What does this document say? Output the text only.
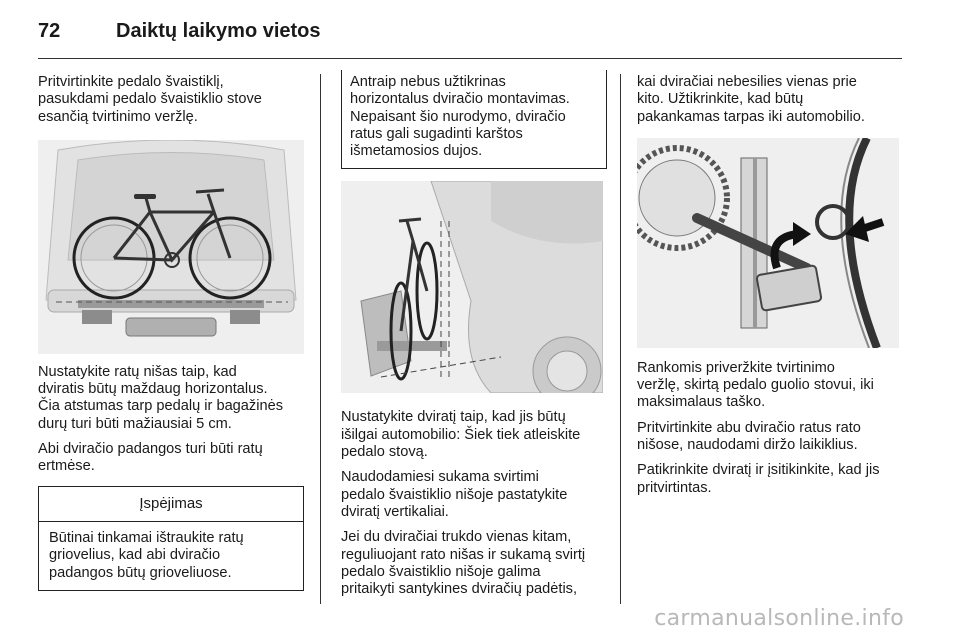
72	Daiktų laikymo vietos

Pritvirtinkite pedalo švaistiklį,
pasukdami pedalo švaistiklio stove
esančią tvirtinimo veržlę.

Nustatykite ratų nišas taip, kad
dviratis būtų maždaug horizontalus.
Čia atstumas tarp pedalų ir bagažinės
durų turi būti mažiausiai 5 cm.

Abi dviračio padangos turi būti ratų
ertmėse.

Įspėjimas
Būtinai tinkamai ištraukite ratų
griovelius, kad abi dviračio
padangos būtų grioveliuose.
Antraip nebus užtikrinas
horizontalus dviračio montavimas.
Nepaisant šio nurodymo, dviračio
ratus gali sugadinti karštos
išmetamosios dujos.

Nustatykite dviratį taip, kad jis būtų
išilgai automobilio: Šiek tiek atleiskite
pedalo stovą.

Naudodamiesi sukama svirtimi
pedalo švaistiklio nišoje pastatykite
dviratį vertikaliai.

Jei du dviračiai trukdo vienas kitam,
reguliuojant rato nišas ir sukamą svirtį
pedalo švaistiklio nišoje galima
pritaikyti santykines dviračių padėtis,

kai dviračiai nebesilies vienas prie
kito. Užtikrinkite, kad būtų
pakankamas tarpas iki automobilio.

Rankomis priveržkite tvirtinimo
veržlę, skirtą pedalo guolio stovui, iki
maksimalaus taško.

Pritvirtinkite abu dviračio ratus rato
nišose, naudodami diržo laikiklius.

Patikrinkite dviratį ir įsitikinkite, kad jis
pritvirtintas.

carmanualsonline.info
